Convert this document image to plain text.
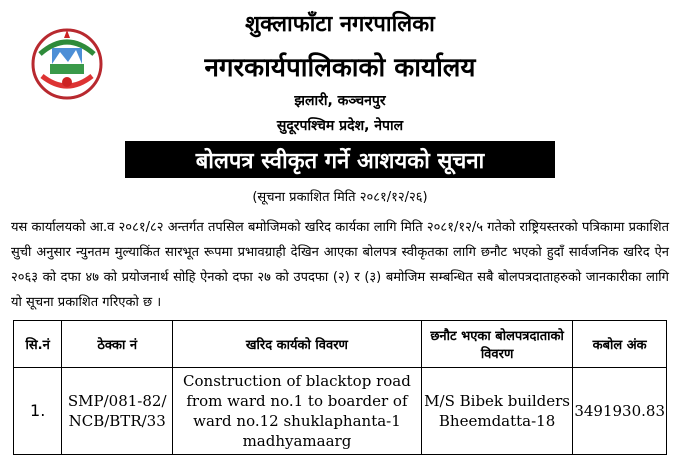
शुक्लाफाँटा नगरपालिका
नगरकार्यपालिकाको कार्यालय
झलारी, कञ्चनपुर
सुदूरपश्चिम प्रदेश, नेपाल
बोलपत्र स्वीकृत गर्ने आशयको सूचना
(सूचना प्रकाशित मिति २०८१/१२/२६)
यस कार्यालयको आ.व २०८१/८२ अन्तर्गत तपसिल बमोजिमको खरिद कार्यका लागि मिति २०८१/१२/५ गतेको राष्ट्रियस्तरको पत्रिकामा प्रकाशित सुची अनुसार न्युनतम मुल्याकिंत सारभूत रूपमा प्रभावग्राही देखिन आएका बोलपत्र स्वीकृतका लागि छनौट भएको हुदाँ सार्वजनिक खरिद ऐन २०६३ को दफा ४७ को प्रयोजनार्थ सोहि ऐनको दफा २७ को उपदफा (२) र (३) बमोजिम सम्बन्धित सबै बोलपत्रदाताहरुको जानकारीका लागि यो सूचना प्रकाशित गरिएको छ ।
सि.नं	ठेक्का नं	खरिद कार्यको विवरण	छनौट भएका बोलपत्रदाताको विवरण	कबोल अंक
1.	SMP/081-82/ NCB/BTR/33	Construction of blacktop road from ward no.1 to boarder of ward no.12 shuklaphanta-1 madhyamaarg	M/S Bibek builders Bheemdatta-18	3491930.83
